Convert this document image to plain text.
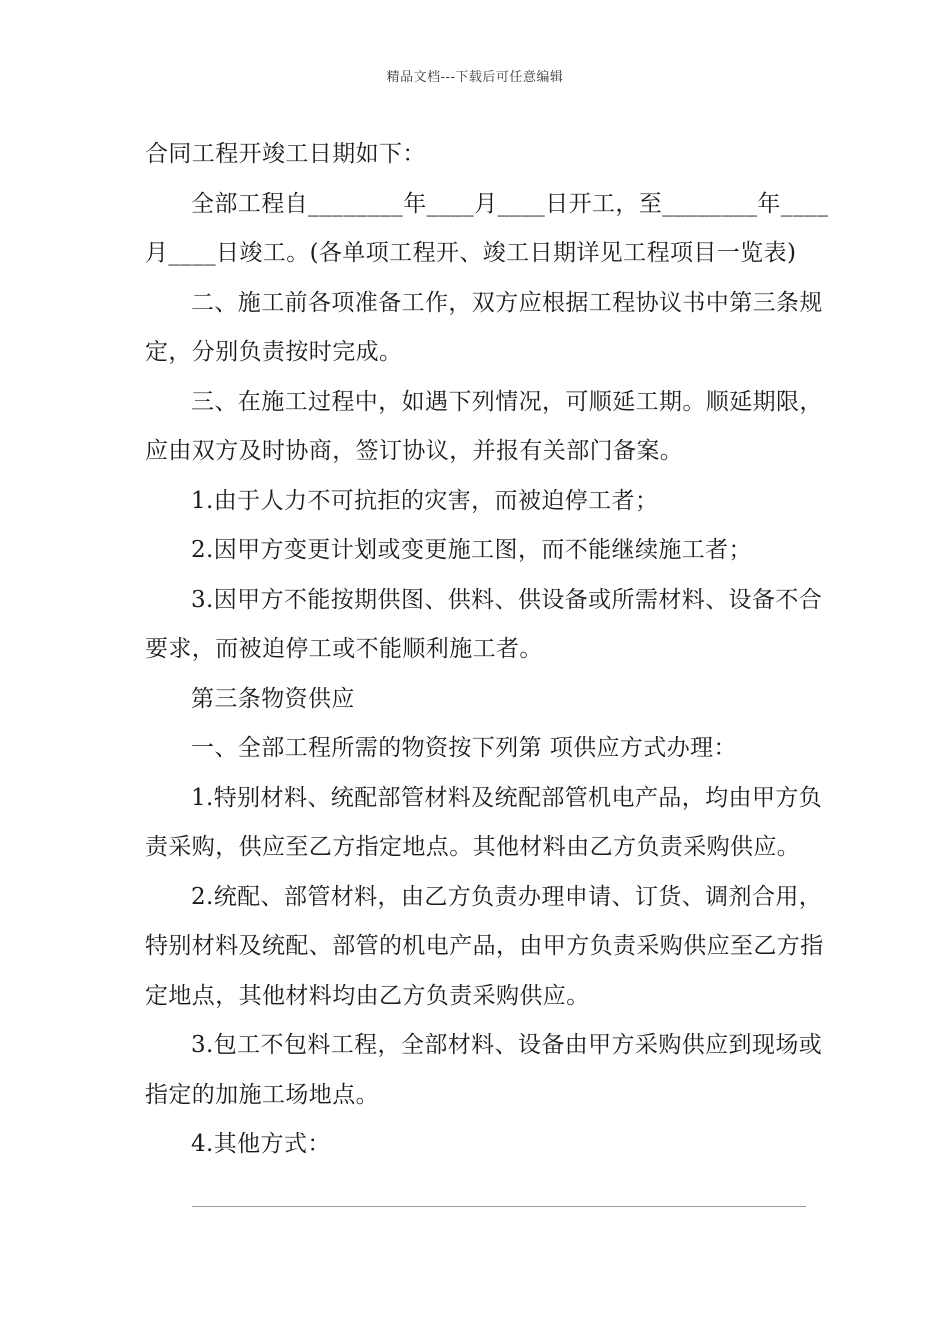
精品文档---下载后可任意编辑
合同工程开竣工日期如下：
全部工程自________年____月____日开工，至________年____
月____日竣工。(各单项工程开、竣工日期详见工程项目一览表)
二、施工前各项准备工作，双方应根据工程协议书中第三条规
定，分别负责按时完成。
三、在施工过程中，如遇下列情况，可顺延工期。顺延期限，
应由双方及时协商，签订协议，并报有关部门备案。
1.由于人力不可抗拒的灾害，而被迫停工者；
2.因甲方变更计划或变更施工图，而不能继续施工者；
3.因甲方不能按期供图、供料、供设备或所需材料、设备不合
要求，而被迫停工或不能顺利施工者。
第三条物资供应
一、全部工程所需的物资按下列第 项供应方式办理：
1.特别材料、统配部管材料及统配部管机电产品，均由甲方负
责采购，供应至乙方指定地点。其他材料由乙方负责采购供应。
2.统配、部管材料，由乙方负责办理申请、订货、调剂合用，
特别材料及统配、部管的机电产品，由甲方负责采购供应至乙方指
定地点，其他材料均由乙方负责采购供应。
3.包工不包料工程，全部材料、设备由甲方采购供应到现场或
指定的加施工场地点。
4.其他方式：
